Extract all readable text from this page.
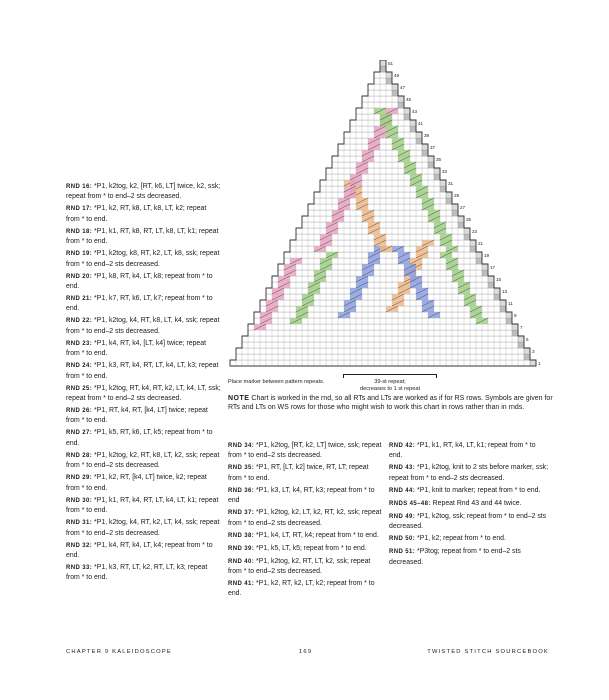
1
3
5
7
9
11
13
15
17
19
21
23
25
27
29
31
33
35
37
39
41
43
45
47
49
51
Place marker between pattern repeats.	39-st repeat;
decreases to 1 st repeat
NOTE Chart is worked in the rnd, so all RTs and LTs are worked as if for RS rows. Symbols are given for RTs and LTs on WS rows for those who might wish to work this chart in rows rather than in rnds.
RND 16: *P1, k2tog, k2, [RT, k6, LT] twice, k2, ssk; repeat from * to end–2 sts decreased.
RND 17: *P1, k2, RT, k8, LT, k8, LT, k2; repeat from * to end.
RND 18: *P1, k1, RT, k8, RT, LT, k8, LT, k1; repeat from * to end.
RND 19: *P1, k2tog, k8, RT, k2, LT, k8, ssk; repeat from * to end–2 sts decreased.
RND 20: *P1, k8, RT, k4, LT, k8; repeat from * to end.
RND 21: *P1, k7, RT, k6, LT, k7; repeat from * to end.
RND 22: *P1, k2tog, k4, RT, k8, LT, k4, ssk; repeat from * to end–2 sts decreased.
RND 23: *P1, k4, RT, k4, [LT, k4] twice; repeat from * to end.
RND 24: *P1, k3, RT, k4, RT, LT, k4, LT, k3; repeat from * to end.
RND 25: *P1, k2tog, RT, k4, RT, k2, LT, k4, LT, ssk; repeat from * to end–2 sts decreased.
RND 26: *P1, RT, k4, RT, [k4, LT] twice; repeat from * to end.
RND 27: *P1, k5, RT, k6, LT, k5; repeat from * to end.
RND 28: *P1, k2tog, k2, RT, k8, LT, k2, ssk; repeat from * to end–2 sts decreased.
RND 29: *P1, k2, RT, [k4, LT] twice, k2; repeat from * to end.
RND 30: *P1, k1, RT, k4, RT, LT, k4, LT, k1; repeat from * to end.
RND 31: *P1, k2tog, k4, RT, k2, LT, k4, ssk; repeat from * to end–2 sts decreased.
RND 32: *P1, k4, RT, k4, LT, k4; repeat from * to end.
RND 33: *P1, k3, RT, LT, k2, RT, LT, k3; repeat from * to end.
RND 34: *P1, k2tog, [RT, k2, LT] twice, ssk; repeat from * to end–2 sts decreased.
RND 35: *P1, RT, [LT, k2] twice, RT, LT; repeat from * to end.
RND 36: *P1, k3, LT, k4, RT, k3; repeat from * to end
RND 37: *P1, k2tog, k2, LT, k2, RT, k2, ssk; repeat from * to end–2 sts decreased.
RND 38: *P1, k4, LT, RT, k4; repeat from * to end.
RND 39: *P1, k5, LT, k5; repeat from * to end.
RND 40: *P1, k2tog, k2, RT, LT, k2, ssk; repeat from * to end–2 sts decreased.
RND 41: *P1, k2, RT, k2, LT, k2; repeat from * to end.
RND 42: *P1, k1, RT, k4, LT, k1; repeat from * to end.
RND 43: *P1, k2tog, knit to 2 sts before marker, ssk; repeat from * to end–2 sts decreased.
RND 44: *P1, knit to marker; repeat from * to end.
RNDS 45–48: Repeat Rnd 43 and 44 twice.
RND 49: *P1, k2tog, ssk; repeat from * to end–2 sts decreased.
RND 50: *P1, k2; repeat from * to end.
RND 51: *P3tog; repeat from * to end–2 sts decreased.
CHAPTER 9 KALEIDOSCOPE	169	TWISTED STITCH SOURCEBOOK
